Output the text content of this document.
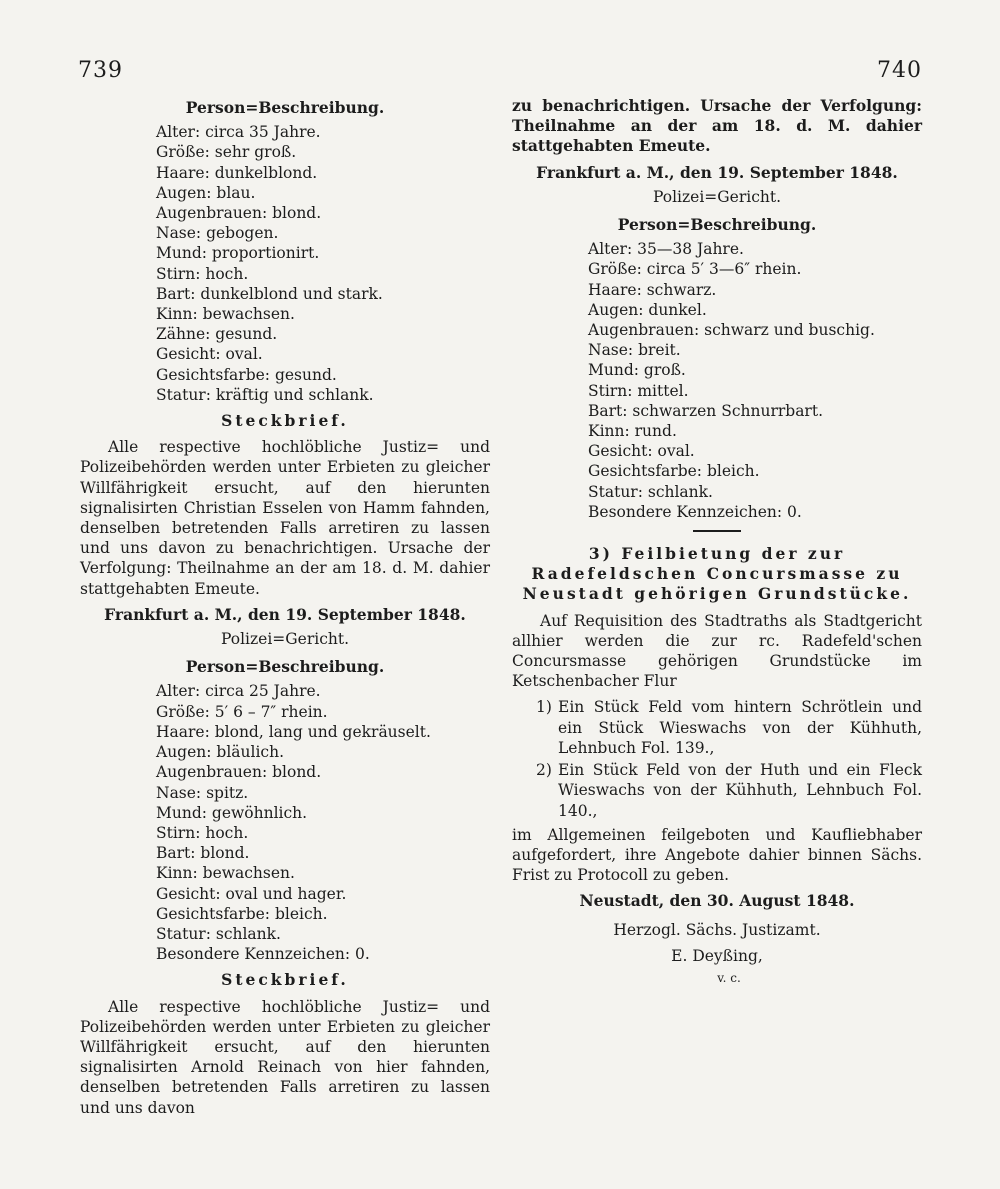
739	740
Person=Beschreibung.
Alter: circa 35 Jahre.
Größe: sehr groß.
Haare: dunkelblond.
Augen: blau.
Augenbrauen: blond.
Nase: gebogen.
Mund: proportionirt.
Stirn: hoch.
Bart: dunkelblond und stark.
Kinn: bewachsen.
Zähne: gesund.
Gesicht: oval.
Gesichtsfarbe: gesund.
Statur: kräftig und schlank.
Steckbrief.

Alle respective hochlöbliche Justiz= und Polizeibehörden werden unter Erbieten zu gleicher Willfährigkeit ersucht, auf den hierunten signalisirten Christian Esselen von Hamm fahnden, denselben betretenden Falls arretiren zu lassen und uns davon zu benachrichtigen. Ursache der Verfolgung: Theilnahme an der am 18. d. M. dahier stattgehabten Emeute.

Frankfurt a. M., den 19. September 1848.
Polizei=Gericht.
Person=Beschreibung.
Alter: circa 25 Jahre.
Größe: 5′ 6 – 7″ rhein.
Haare: blond, lang und gekräuselt.
Augen: bläulich.
Augenbrauen: blond.
Nase: spitz.
Mund: gewöhnlich.
Stirn: hoch.
Bart: blond.
Kinn: bewachsen.
Gesicht: oval und hager.
Gesichtsfarbe: bleich.
Statur: schlank.
Besondere Kennzeichen: 0.
Steckbrief.

Alle respective hochlöbliche Justiz= und Polizeibehörden werden unter Erbieten zu gleicher Willfährigkeit ersucht, auf den hierunten signalisirten Arnold Reinach von hier fahnden, denselben betretenden Falls arretiren zu lassen und uns davon

zu benachrichtigen. Ursache der Verfolgung: Theilnahme an der am 18. d. M. dahier stattgehabten Emeute.

Frankfurt a. M., den 19. September 1848.
Polizei=Gericht.
Person=Beschreibung.
Alter: 35—38 Jahre.
Größe: circa 5′ 3—6″ rhein.
Haare: schwarz.
Augen: dunkel.
Augenbrauen: schwarz und buschig.
Nase: breit.
Mund: groß.
Stirn: mittel.
Bart: schwarzen Schnurrbart.
Kinn: rund.
Gesicht: oval.
Gesichtsfarbe: bleich.
Statur: schlank.
Besondere Kennzeichen: 0.
3) Feilbietung der zur Radefeldschen Concursmasse zu Neustadt gehörigen Grundstücke.

Auf Requisition des Stadtraths als Stadtgericht allhier werden die zur rc. Radefeld'schen Concursmasse gehörigen Grundstücke im Ketschenbacher Flur

1) Ein Stück Feld vom hintern Schrötlein und ein Stück Wieswachs von der Kühhuth, Lehnbuch Fol. 139.,
2) Ein Stück Feld von der Huth und ein Fleck Wieswachs von der Kühhuth, Lehnbuch Fol. 140.,

im Allgemeinen feilgeboten und Kaufliebhaber aufgefordert, ihre Angebote dahier binnen Sächs. Frist zu Protocoll zu geben.

Neustadt, den 30. August 1848.
Herzogl. Sächs. Justizamt.
E. Deyßing,
v. c.
